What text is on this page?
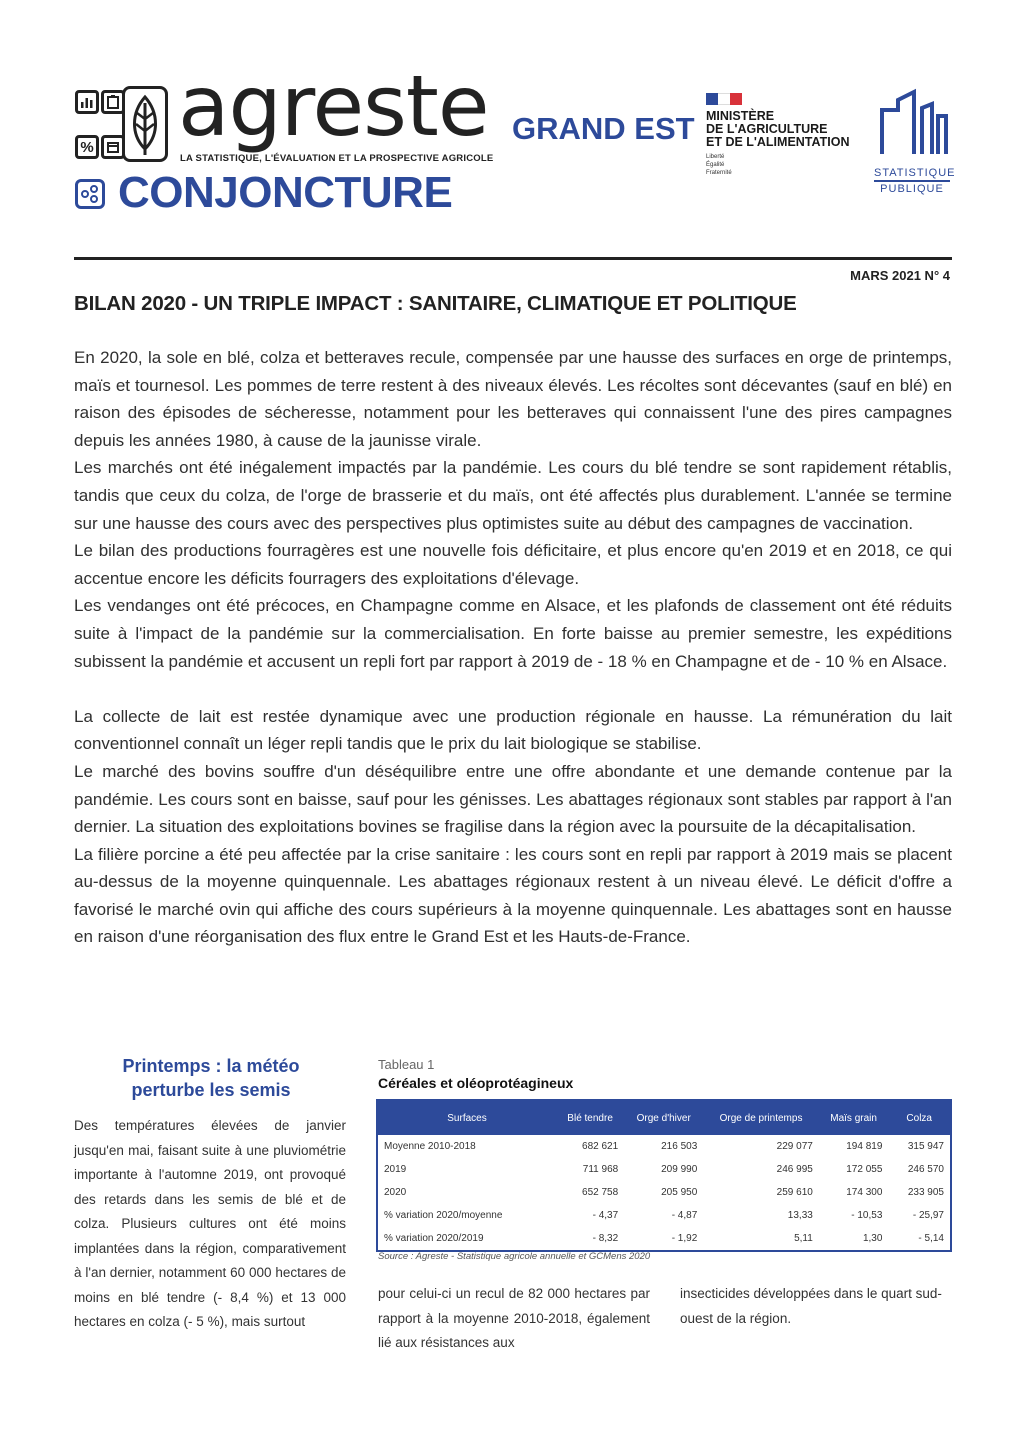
% agreste
LA STATISTIQUE, L'ÉVALUATION ET LA PROSPECTIVE AGRICOLE
CONJONCTURE
GRAND EST MINISTÈRE
DE L'AGRICULTURE
ET DE L'ALIMENTATION
Liberté
Égalité
Fraternité	STATISTIQUE
PUBLIQUE
MARS 2021 N° 4
BILAN 2020 - UN TRIPLE IMPACT : SANITAIRE, CLIMATIQUE ET POLITIQUE

En 2020, la sole en blé, colza et betteraves recule, compensée par une hausse des surfaces en orge de printemps, maïs et tournesol. Les pommes de terre restent à des niveaux élevés. Les récoltes sont décevantes (sauf en blé) en raison des épisodes de sécheresse, notamment pour les betteraves qui connaissent l'une des pires campagnes depuis les années 1980, à cause de la jaunisse virale.

Les marchés ont été inégalement impactés par la pandémie. Les cours du blé tendre se sont rapidement rétablis, tandis que ceux du colza, de l'orge de brasserie et du maïs, ont été affectés plus durablement. L'année se termine sur une hausse des cours avec des perspectives plus optimistes suite au début des campagnes de vaccination.

Le bilan des productions fourragères est une nouvelle fois déficitaire, et plus encore qu'en 2019 et en 2018, ce qui accentue encore les déficits fourragers des exploitations d'élevage.

Les vendanges ont été précoces, en Champagne comme en Alsace, et les plafonds de classement ont été réduits suite à l'impact de la pandémie sur la commercialisation. En forte baisse au premier semestre, les expéditions subissent la pandémie et accusent un repli fort par rapport à 2019 de - 18 % en Champagne et de - 10 % en Alsace.

La collecte de lait est restée dynamique avec une production régionale en hausse. La rémunération du lait conventionnel connaît un léger repli tandis que le prix du lait biologique se stabilise.

Le marché des bovins souffre d'un déséquilibre entre une offre abondante et une demande contenue par la pandémie. Les cours sont en baisse, sauf pour les génisses. Les abattages régionaux sont stables par rapport à l'an dernier. La situation des exploitations bovines se fragilise dans la région avec la poursuite de la décapitalisation.

La filière porcine a été peu affectée par la crise sanitaire : les cours sont en repli par rapport à 2019 mais se placent au-dessus de la moyenne quinquennale. Les abattages régionaux restent à un niveau élevé. Le déficit d'offre a favorisé le marché ovin qui affiche des cours supérieurs à la moyenne quinquennale. Les abattages sont en hausse en raison d'une réorganisation des flux entre le Grand Est et les Hauts-de-France.

Printemps : la météo perturbe les semis
Des températures élevées de janvier jusqu'en mai, faisant suite à une pluviométrie importante à l'automne 2019, ont provoqué des retards dans les semis de blé et de colza. Plusieurs cultures ont été moins implantées dans la région, comparativement à l'an dernier, notamment 60 000 hectares de moins en blé tendre (- 8,4 %) et 13 000 hectares en colza (- 5 %), mais surtout
Tableau 1
Céréales et oléoprotéagineux
Surfaces	Blé tendre	Orge d'hiver	Orge de printemps	Maïs grain	Colza
Moyenne 2010-2018	682 621	216 503	229 077	194 819	315 947
2019	711 968	209 990	246 995	172 055	246 570
2020	652 758	205 950	259 610	174 300	233 905
% variation 2020/moyenne	- 4,37	- 4,87	13,33	- 10,53	- 25,97
% variation 2020/2019	- 8,32	- 1,92	5,11	1,30	- 5,14
Source : Agreste - Statistique agricole annuelle et GCMens 2020
pour celui-ci un recul de 82 000 hectares par rapport à la moyenne 2010-2018, également lié aux résistances aux
insecticides développées dans le quart sud-ouest de la région.
